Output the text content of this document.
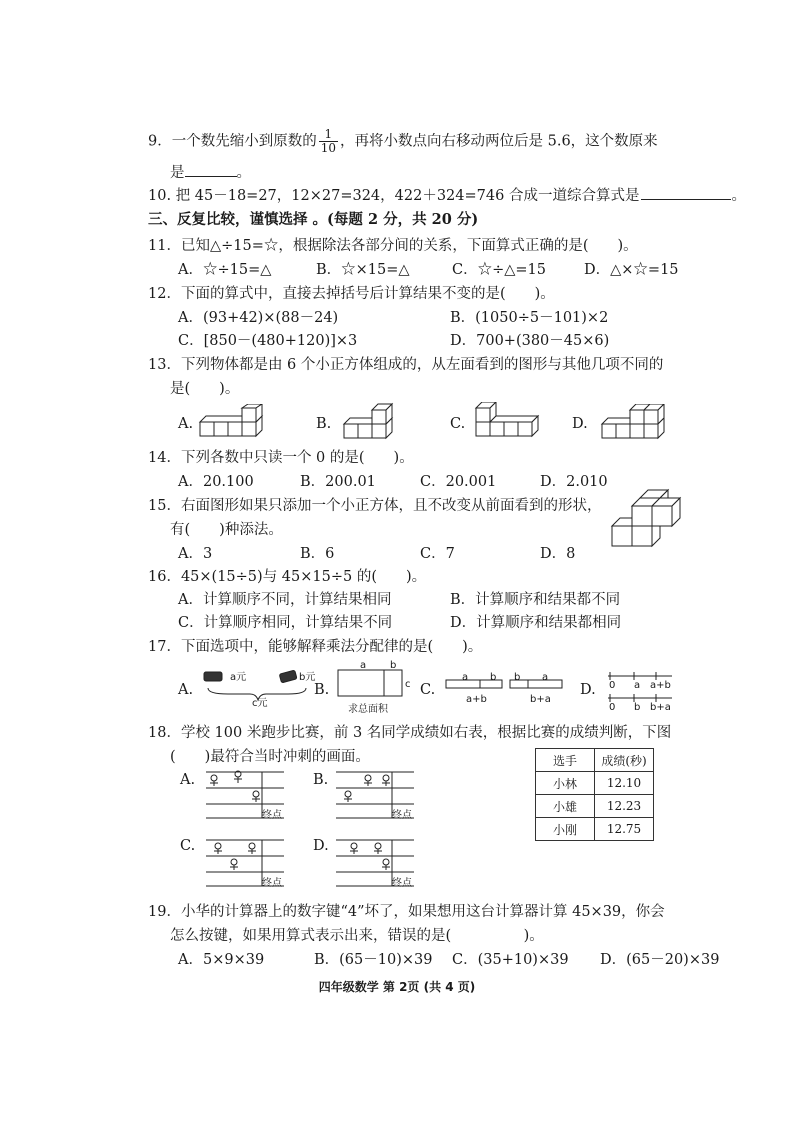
9．一个数先缩小到原数的 $\frac{1}{10}$ ，再将小数点向右移动两位后是 5.6，这个数原来
是	。
10. 把 45－18=27，12×27=324，422＋324=746 合成一道综合算式是	。
三、反复比较，谨慎选择 。(每题 2 分，共 20 分)
11．已知△÷15=☆，根据除法各部分间的关系，下面算式正确的是(　　)。
A．☆÷15=△	B．☆×15=△	C．☆÷△=15	D．△×☆=15
12．下面的算式中，直接去掉括号后计算结果不变的是(　　)。
A．(93+42)×(88－24)	B．(1050÷5－101)×2
C．[850－(480+120)]×3	D．700+(380－45×6)
13．下列物体都是由 6 个小正方体组成的，从左面看到的图形与其他几项不同的
是(　　)。
A.	B.	C.	D.
14．下列各数中只读一个 0 的是(　　)。
A．20.100	B．200.01	C．20.001	D．2.010
15．右面图形如果只添加一个小正方体，且不改变从前面看到的形状，
有(　　)种添法。
A．3	B．6	C．7	D．8
16．45×(15÷5)与 45×15÷5 的(　　)。
A．计算顺序不同，计算结果相同	B．计算顺序和结果都不同
C．计算顺序相同，计算结果不同	D．计算顺序和结果都相同
17．下面选项中，能够解释乘法分配律的是(　　)。
A.	B.	C.	D.
a元	b元
c元
a b
c
求总面积
a b
a+b
b a
b+a
0 a a+b
0 b b+a
18．学校 100 米跑步比赛，前 3 名同学成绩如右表，根据比赛的成绩判断，下图
(　　)最符合当时冲刺的画面。
A.	B.
C.	D.
终点	终点
终点	终点
选手	成绩(秒)
小林	12.10
小雄	12.23
小刚	12.75
19．小华的计算器上的数字键“4”坏了，如果想用这台计算器计算 45×39，你会
怎么按键，如果用算式表示出来，错误的是(　　　　　)。
A．5×9×39	B．(65－10)×39 C．(35+10)×39 D．(65－20)×39
四年级数学 第 2页 (共 4 页)
